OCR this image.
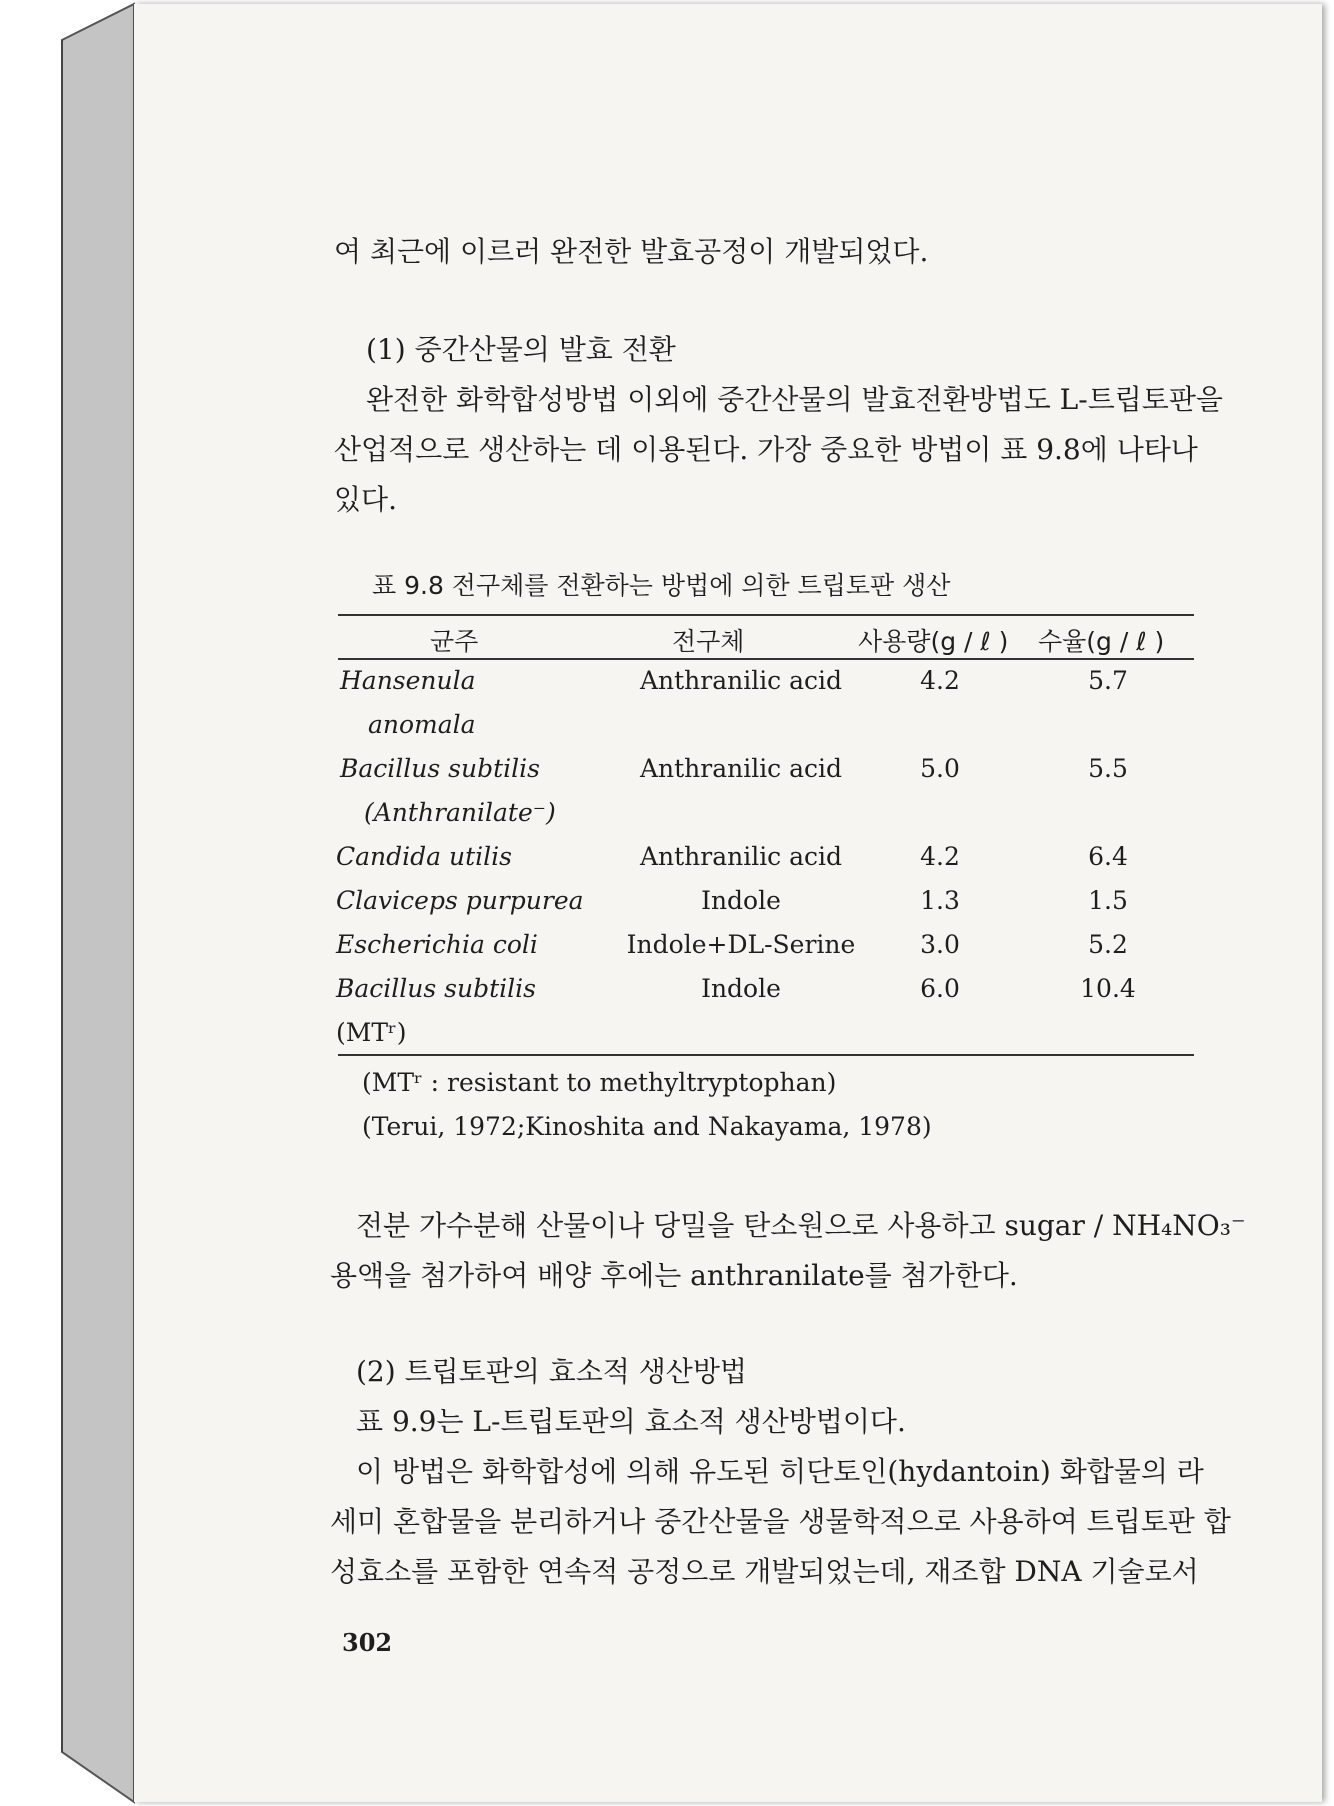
여 최근에 이르러 완전한 발효공정이 개발되었다.
(1) 중간산물의 발효 전환
완전한 화학합성방법 이외에 중간산물의 발효전환방법도 L-트립토판을
산업적으로 생산하는 데 이용된다. 가장 중요한 방법이 표 9.8에 나타나
있다.
표 9.8 전구체를 전환하는 방법에 의한 트립토판 생산
균주	전구체	사용량(g / ℓ ) 수율(g / ℓ )
Hansenula
anomala
Anthranilic acid	4.2	5.7
Bacillus subtilis
(Anthranilate⁻)
Anthranilic acid	5.0	5.5
Candida utilis	Anthranilic acid	4.2	6.4
Claviceps purpurea	Indole	1.3	1.5
Escherichia coli	Indole+DL-Serine	3.0	5.2
Bacillus subtilis
(MTʳ)
Indole	6.0	10.4
(MTʳ : resistant to methyltryptophan)
(Terui, 1972;Kinoshita and Nakayama, 1978)
전분 가수분해 산물이나 당밀을 탄소원으로 사용하고 sugar / NH₄NO₃⁻
용액을 첨가하여 배양 후에는 anthranilate를 첨가한다.
(2) 트립토판의 효소적 생산방법
표 9.9는 L-트립토판의 효소적 생산방법이다.
이 방법은 화학합성에 의해 유도된 히단토인(hydantoin) 화합물의 라
세미 혼합물을 분리하거나 중간산물을 생물학적으로 사용하여 트립토판 합
성효소를 포함한 연속적 공정으로 개발되었는데, 재조합 DNA 기술로서
302
